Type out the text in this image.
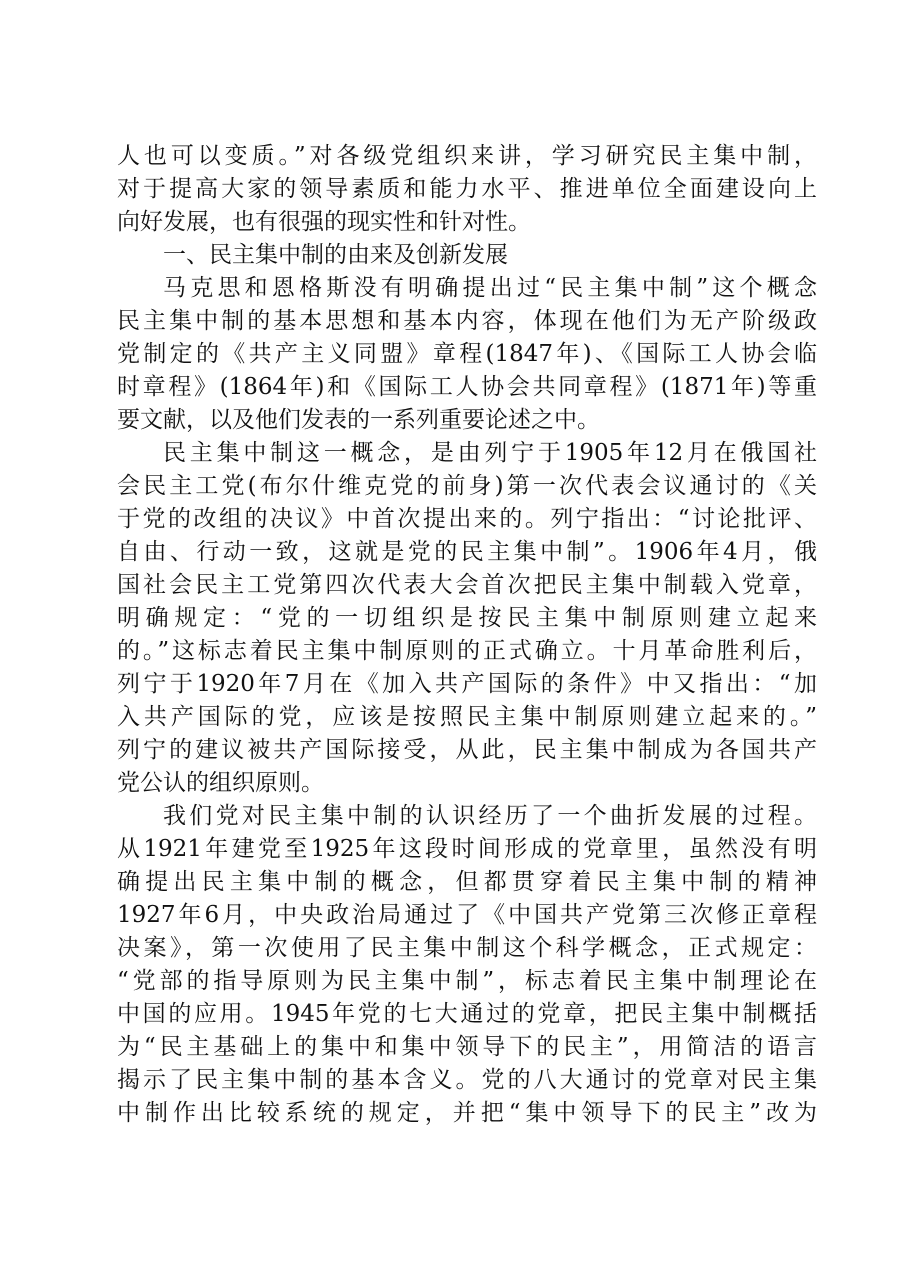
人也可以变质。”对各级党组织来讲，学习研究民主集中制，
对于提高大家的领导素质和能力水平、推进单位全面建设向上
向好发展，也有很强的现实性和针对性。
一、民主集中制的由来及创新发展
马克思和恩格斯没有明确提出过“民主集中制”这个概念
民主集中制的基本思想和基本内容，体现在他们为无产阶级政
党制定的《共产主义同盟》章程(1847年)、《国际工人协会临
时章程》(1864年)和《国际工人协会共同章程》(1871年)等重
要文献，以及他们发表的一系列重要论述之中。
民主集中制这一概念，是由列宁于1905年12月在俄国社
会民主工党(布尔什维克党的前身)第一次代表会议通讨的《关
于党的改组的决议》中首次提出来的。列宁指出：“讨论批评、
自由、行动一致，这就是党的民主集中制”。1906年4月，俄
国社会民主工党第四次代表大会首次把民主集中制载入党章，
明确规定：“党的一切组织是按民主集中制原则建立起来
的。”这标志着民主集中制原则的正式确立。十月革命胜利后，
列宁于1920年7月在《加入共产国际的条件》中又指出：“加
入共产国际的党，应该是按照民主集中制原则建立起来的。”
列宁的建议被共产国际接受，从此，民主集中制成为各国共产
党公认的组织原则。
我们党对民主集中制的认识经历了一个曲折发展的过程。
从1921年建党至1925年这段时间形成的党章里，虽然没有明
确提出民主集中制的概念，但都贯穿着民主集中制的精神
1927年6月，中央政治局通过了《中国共产党第三次修正章程
决案》，第一次使用了民主集中制这个科学概念，正式规定：
“党部的指导原则为民主集中制”，标志着民主集中制理论在
中国的应用。1945年党的七大通过的党章，把民主集中制概括
为“民主基础上的集中和集中领导下的民主”，用简洁的语言
揭示了民主集中制的基本含义。党的八大通讨的党章对民主集
中制作出比较系统的规定，并把“集中领导下的民主”改为
